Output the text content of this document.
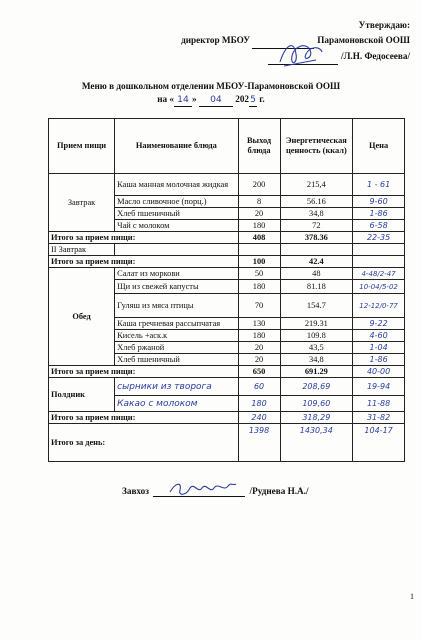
Утверждаю:
директор МБОУ	Парамоновской ООШ
/Л.Н. Федосеева/
Меню в дошкольном отделении МБОУ-Парамоновской ООШ
на « 14 » 04 2025 г.
Прием пищи	Наименование блюда	Выход блюда	Энергетическая ценность (ккал)	Цена
Завтрак	Каша манная молочная жидкая	200	215,4	1 - 61
	Масло сливочное (порц.)	8	56.16	9-60
	Хлеб пшеничный	20	34,8	1-86
	Чай с молоком	180	72	6-58
Итого за прием пищи:		408	378.36	22-35
II Завтрак				
Итого за прием пищи:		100	42.4	
Обед	Салат из моркови	50	48	4-48/2-47
	Щи из свежей капусты	180	81.18	10-04/5-02
	Гуляш из мяса птицы	70	154.7	12-12/0-77
	Каша гречневая рассыпчатая	130	219.31	9-22
	Кисель +аск.к	180	109.8	4-60
	Хлеб ржаной	20	43,5	1-04
	Хлеб пшеничный	20	34,8	1-86
Итого за прием пищи:		650	691.29	40-00
Полдник	сырники из творога	60	208,69	19-94
	Какао с молоком	180	109,60	11-88
Итого за прием пищи:		240	318,29	31-82
Итого за день:		1398	1430,34	104-17
Завхоз	/Руднева Н.А./
1
